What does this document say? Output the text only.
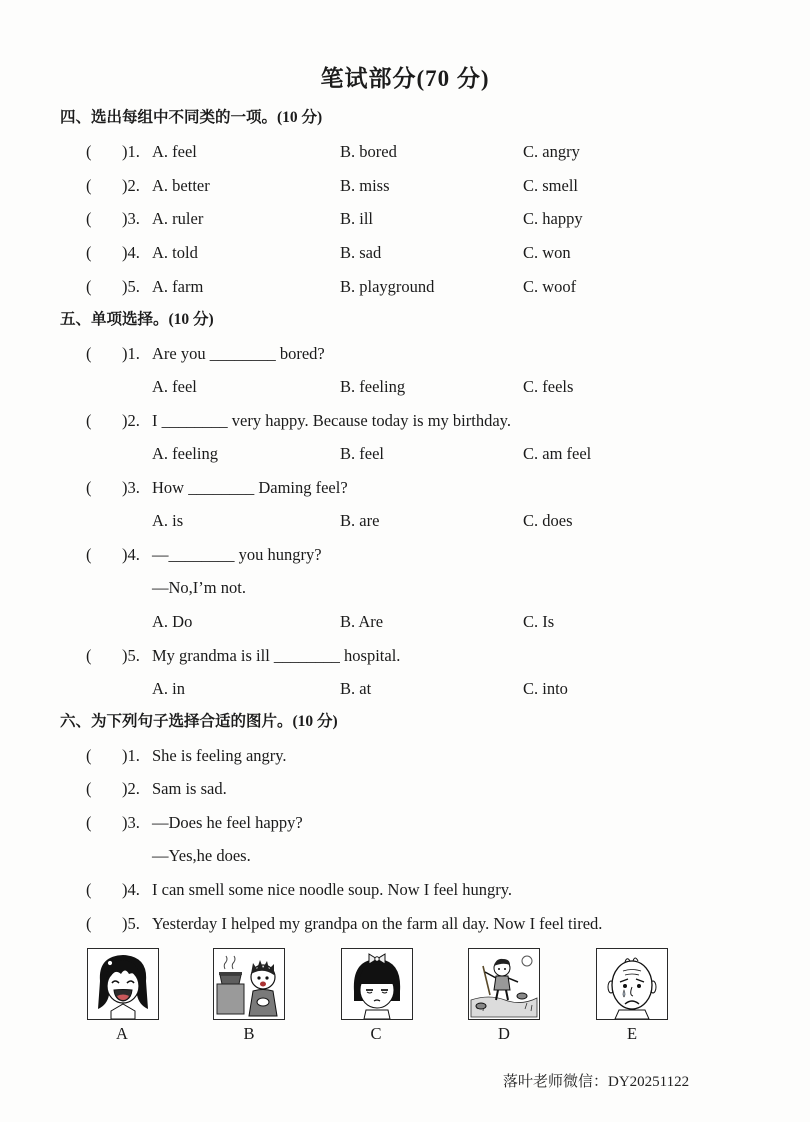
笔试部分(70 分)
四、选出每组中不同类的一项。(10 分)
( )1. A. feel	B. bored	C. angry
( )2. A. better	B. miss	C. smell
( )3. A. ruler	B. ill	C. happy
( )4. A. told	B. sad	C. won
( )5. A. farm	B. playground	C. woof
五、单项选择。(10 分)
( )1. Are you ________ bored?
A. feel	B. feeling	C. feels
( )2. I ________ very happy. Because today is my birthday.
A. feeling	B. feel	C. am feel
( )3. How ________ Daming feel?
A. is	B. are	C. does
( )4. —________ you hungry?
—No,I’m not.
A. Do	B. Are	C. Is
( )5. My grandma is ill ________ hospital.
A. in	B. at	C. into
六、为下列句子选择合适的图片。(10 分)
( )1. She is feeling angry.
( )2. Sam is sad.
( )3. —Does he feel happy?
—Yes,he does.
( )4. I can smell some nice noodle soup. Now I feel hungry.
( )5. Yesterday I helped my grandpa on the farm all day. Now I feel tired.
A	B	C	D	E
落叶老师微信：DY20251122
